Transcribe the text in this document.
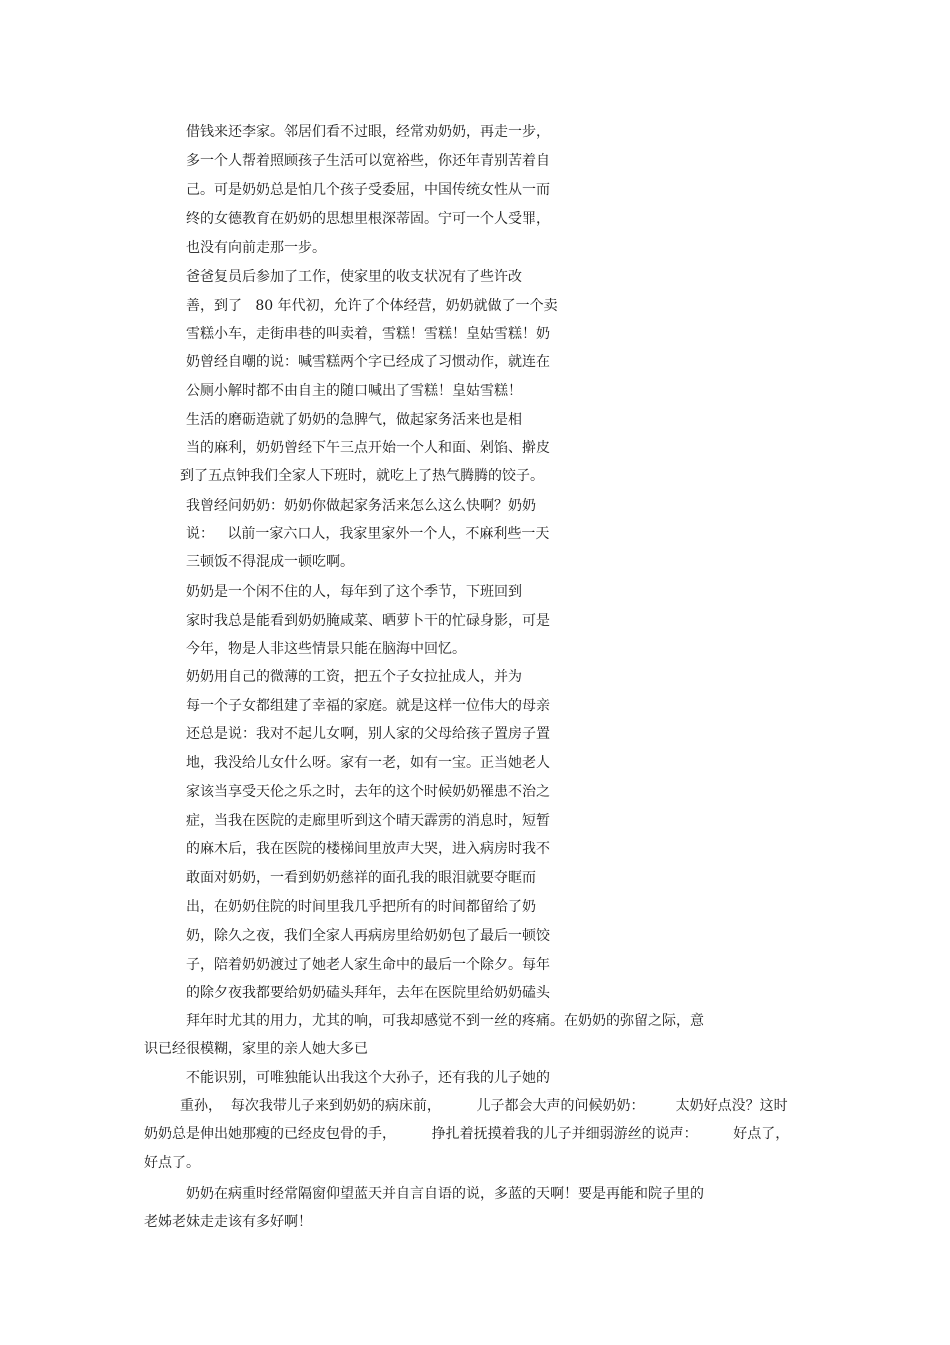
借钱来还李家。邻居们看不过眼，经常劝奶奶，再走一步，
多一个人帮着照顾孩子生活可以宽裕些，你还年青别苦着自
己。可是奶奶总是怕几个孩子受委屈，中国传统女性从一而
终的女德教育在奶奶的思想里根深蒂固。宁可一个人受罪，
也没有向前走那一步。
爸爸复员后参加了工作，使家里的收支状况有了些许改
善，到了   80 年代初，允许了个体经营，奶奶就做了一个卖
雪糕小车，走街串巷的叫卖着，雪糕！雪糕！皇姑雪糕！奶
奶曾经自嘲的说：喊雪糕两个字已经成了习惯动作，就连在
公厕小解时都不由自主的随口喊出了雪糕！皇姑雪糕！
生活的磨砺造就了奶奶的急脾气，做起家务活来也是相
当的麻利，奶奶曾经下午三点开始一个人和面、剁馅、擀皮
到了五点钟我们全家人下班时，就吃上了热气腾腾的饺子。
我曾经问奶奶：奶奶你做起家务活来怎么这么快啊？奶奶
说：   以前一家六口人，我家里家外一个人，不麻利些一天
三顿饭不得混成一顿吃啊。
奶奶是一个闲不住的人，每年到了这个季节，下班回到
家时我总是能看到奶奶腌咸菜、晒萝卜干的忙碌身影，可是
今年，物是人非这些情景只能在脑海中回忆。
奶奶用自己的微薄的工资，把五个子女拉扯成人，并为
每一个子女都组建了幸福的家庭。就是这样一位伟大的母亲
还总是说：我对不起儿女啊，别人家的父母给孩子置房子置
地，我没给儿女什么呀。家有一老，如有一宝。正当她老人
家该当享受天伦之乐之时，去年的这个时候奶奶罹患不治之
症，当我在医院的走廊里听到这个晴天霹雳的消息时，短暂
的麻木后，我在医院的楼梯间里放声大哭，进入病房时我不
敢面对奶奶，一看到奶奶慈祥的面孔我的眼泪就要夺眶而
出，在奶奶住院的时间里我几乎把所有的时间都留给了奶
奶，除久之夜，我们全家人再病房里给奶奶包了最后一顿饺
子，陪着奶奶渡过了她老人家生命中的最后一个除夕。每年
的除夕夜我都要给奶奶磕头拜年，去年在医院里给奶奶磕头
拜年时尤其的用力，尤其的响，可我却感觉不到一丝的疼痛。在奶奶的弥留之际，意
识已经很模糊，家里的亲人她大多已
不能识别，可唯独能认出我这个大孙子，还有我的儿子她的
重孙，  每次我带儿子来到奶奶的病床前，        儿子都会大声的问候奶奶：       太奶好点没？这时
奶奶总是伸出她那瘦的已经皮包骨的手，        挣扎着抚摸着我的儿子并细弱游丝的说声：        好点了，
好点了。
奶奶在病重时经常隔窗仰望蓝天并自言自语的说，多蓝的天啊！要是再能和院子里的
老姊老妹走走该有多好啊！
